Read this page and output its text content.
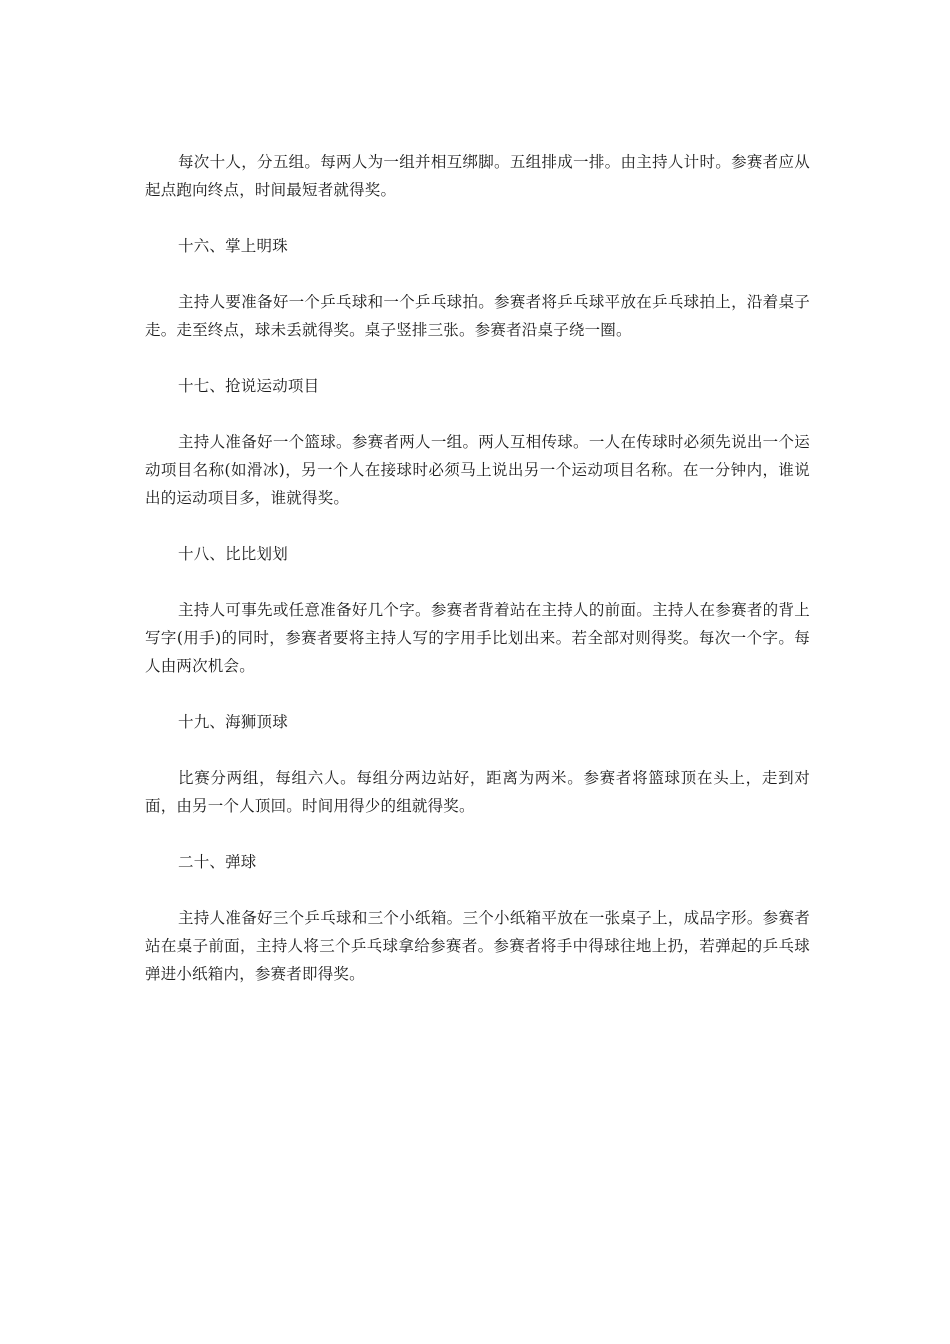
每次十人，分五组。每两人为一组并相互绑脚。五组排成一排。由主持人计时。参赛者应从起点跑向终点，时间最短者就得奖。

十六、掌上明珠

主持人要准备好一个乒乓球和一个乒乓球拍。参赛者将乒乓球平放在乒乓球拍上，沿着桌子走。走至终点，球未丢就得奖。桌子竖排三张。参赛者沿桌子绕一圈。

十七、抢说运动项目

主持人准备好一个篮球。参赛者两人一组。两人互相传球。一人在传球时必须先说出一个运动项目名称(如滑冰)，另一个人在接球时必须马上说出另一个运动项目名称。在一分钟内，谁说出的运动项目多，谁就得奖。

十八、比比划划

主持人可事先或任意准备好几个字。参赛者背着站在主持人的前面。主持人在参赛者的背上写字(用手)的同时，参赛者要将主持人写的字用手比划出来。若全部对则得奖。每次一个字。每人由两次机会。

十九、海狮顶球

比赛分两组，每组六人。每组分两边站好，距离为两米。参赛者将篮球顶在头上，走到对面，由另一个人顶回。时间用得少的组就得奖。

二十、弹球

主持人准备好三个乒乓球和三个小纸箱。三个小纸箱平放在一张桌子上，成品字形。参赛者站在桌子前面，主持人将三个乒乓球拿给参赛者。参赛者将手中得球往地上扔，若弹起的乒乓球弹进小纸箱内，参赛者即得奖。
